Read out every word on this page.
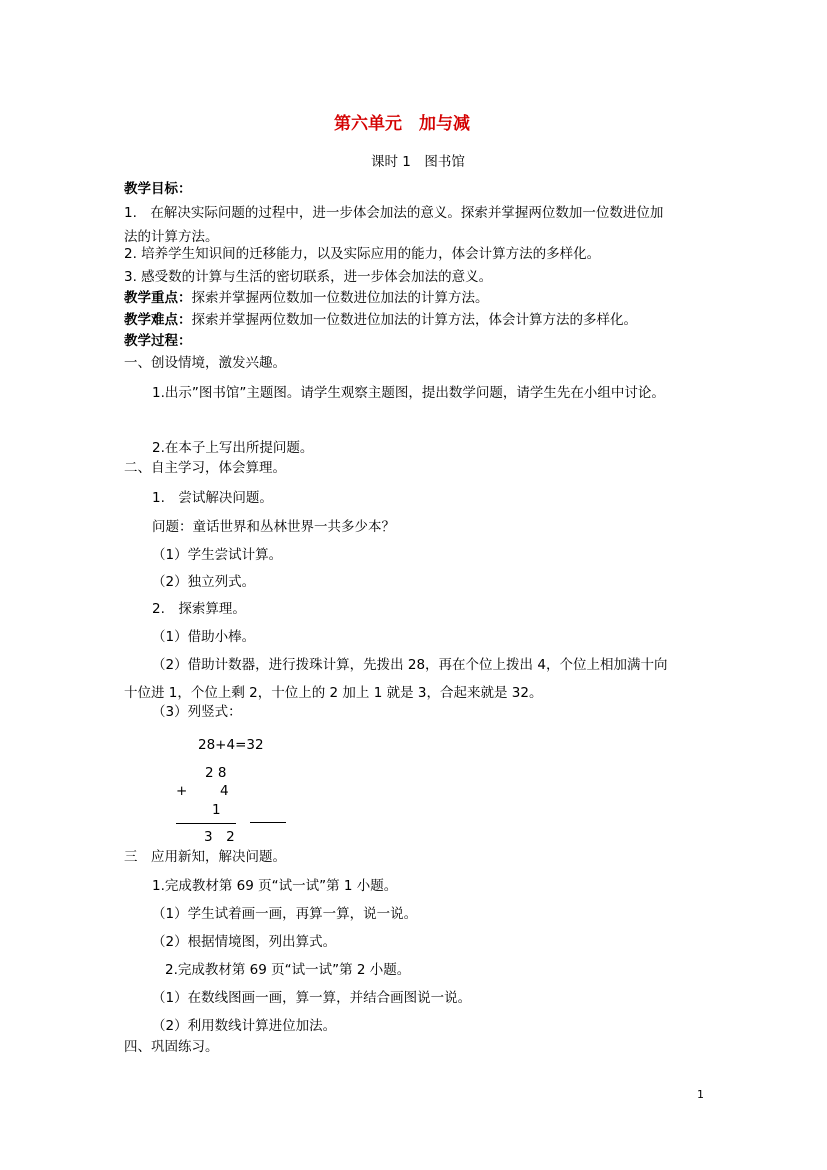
第六单元　加与减
课时 1　图书馆
教学目标：
1.　在解决实际问题的过程中，进一步体会加法的意义。探索并掌握两位数加一位数进位加
法的计算方法。
2. 培养学生知识间的迁移能力，以及实际应用的能力，体会计算方法的多样化。
3. 感受数的计算与生活的密切联系，进一步体会加法的意义。
教学重点：探索并掌握两位数加一位数进位加法的计算方法。
教学难点：探索并掌握两位数加一位数进位加法的计算方法，体会计算方法的多样化。
教学过程：
一、创设情境，激发兴趣。
1.出示”图书馆”主题图。请学生观察主题图，提出数学问题，请学生先在小组中讨论。
2.在本子上写出所提问题。
二、自主学习，体会算理。
1.　尝试解决问题。
问题：童话世界和丛林世界一共多少本？
（1）学生尝试计算。
（2）独立列式。
2.　探索算理。
（1）借助小棒。
（2）借助计数器，进行拨珠计算，先拨出 28，再在个位上拨出 4，个位上相加满十向
十位进 1，个位上剩 2，十位上的 2 加上 1 就是 3，合起来就是 32。
（3）列竖式：
28+4=32
2 8
+ 4
1
3　2
三　应用新知，解决问题。
1.完成教材第 69 页“试一试”第 1 小题。
（1）学生试着画一画，再算一算，说一说。
（2）根据情境图，列出算式。
2.完成教材第 69 页“试一试”第 2 小题。
（1）在数线图画一画，算一算，并结合画图说一说。
（2）利用数线计算进位加法。
四、巩固练习。
1
